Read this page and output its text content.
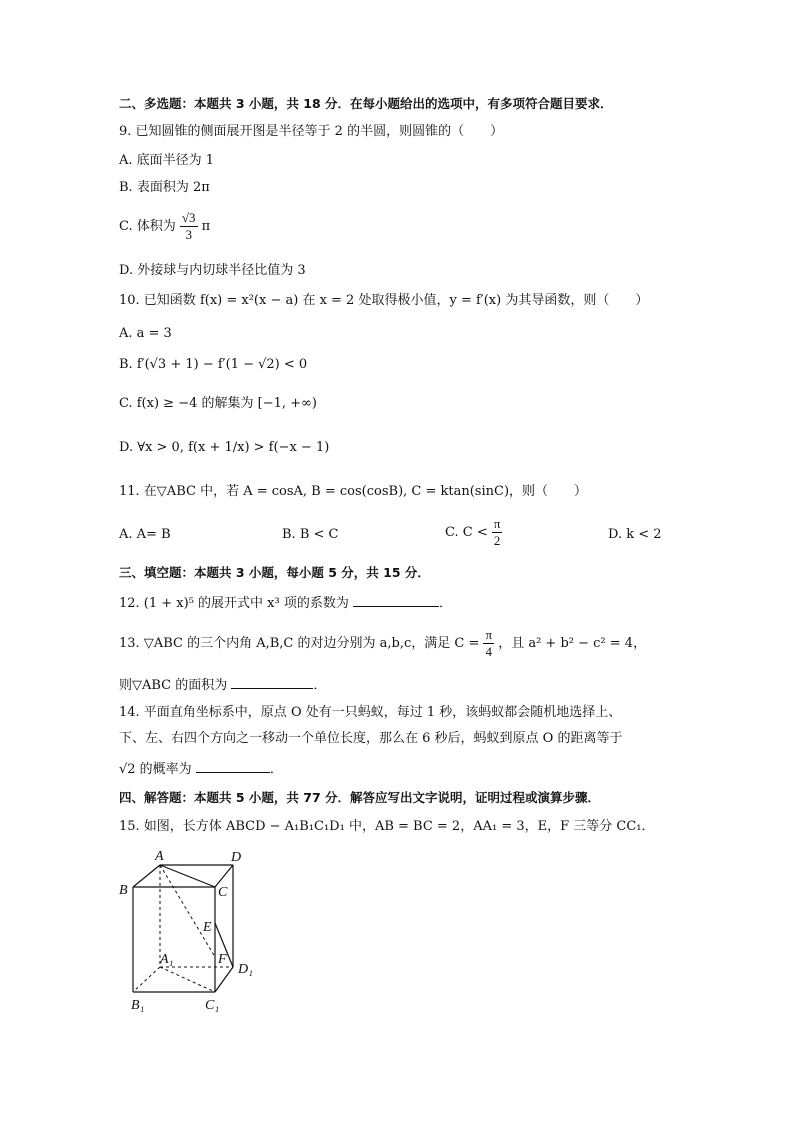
二、多选题：本题共 3 小题，共 18 分．在每小题给出的选项中，有多项符合题目要求．
9. 已知圆锥的侧面展开图是半径等于 2 的半圆，则圆锥的（　　）
A. 底面半径为 1
B. 表面积为 2π
C. 体积为 $\frac{√3}{3}$ π
D. 外接球与内切球半径比值为 3
10. 已知函数 f(x) = x²(x − a) 在 x = 2 处取得极小值，y = f′(x) 为其导函数，则（　　）
A. a = 3
B. f′(√3 + 1) − f′(1 − √2) < 0
C. f(x) ≥ −4 的解集为 [−1, +∞)
D. ∀x > 0, f(x + 1/x) > f(−x − 1)
11. 在▽ABC 中，若 A = cosA, B = cos(cosB), C = ktan(sinC)，则（　　）
A. A= B	B. B < C	C. $C < \frac{\pi}{2}$	D. k < 2
三、填空题：本题共 3 小题，每小题 5 分，共 15 分．
12. (1 + x)⁵ 的展开式中 x³ 项的系数为	．
13. ▽ABC 的三个内角 A,B,C 的对边分别为 a,b,c，满足 $C = \frac{\pi}{4}$ ，且 a² + b² − c² = 4，
则▽ABC 的面积为	．
14. 平面直角坐标系中，原点 O 处有一只蚂蚁，每过 1 秒，该蚂蚁都会随机地选择上、
下、左、右四个方向之一移动一个单位长度，那么在 6 秒后，蚂蚁到原点 O 的距离等于
√2 的概率为	．
四、解答题：本题共 5 小题，共 77 分．解答应写出文字说明，证明过程或演算步骤．
15. 如图，长方体 ABCD − A₁B₁C₁D₁ 中，AB = BC = 2，AA₁ = 3，E，F 三等分 CC₁．
A
B	C
D
E
F
A₁
B₁	C₁
D₁
